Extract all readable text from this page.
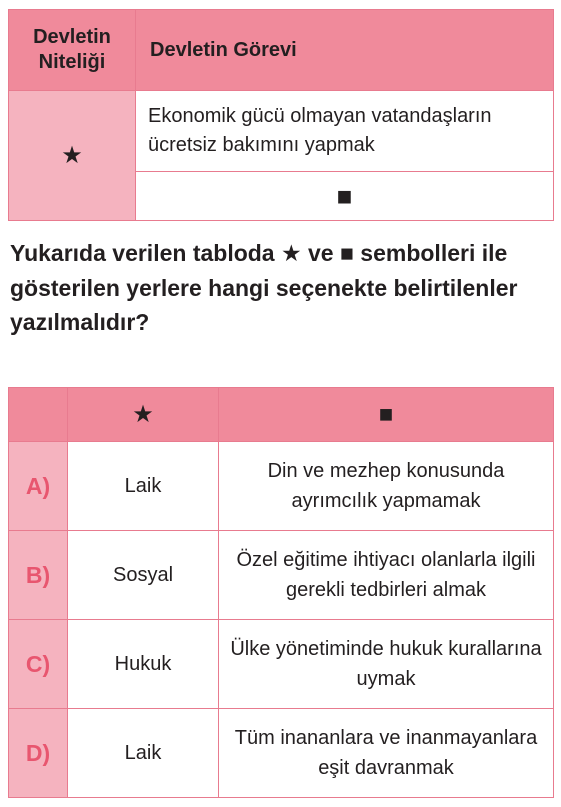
Devletin Niteliği	Devletin Görevi
★	Ekonomik gücü olmayan vatandaşların ücretsiz bakımını yapmak
	■

Yukarıda verilen tabloda ★ ve ■ sembolleri ile gösterilen yerlere hangi seçenekte belirtilenler yazılmalıdır?

	★	■
A)	Laik	Din ve mezhep konusunda ayrımcılık yapmamak
B)	Sosyal	Özel eğitime ihtiyacı olanlarla ilgili gerekli tedbirleri almak
C)	Hukuk	Ülke yönetiminde hukuk kurallarına uymak
D)	Laik	Tüm inananlara ve inanmayanlara eşit davranmak
